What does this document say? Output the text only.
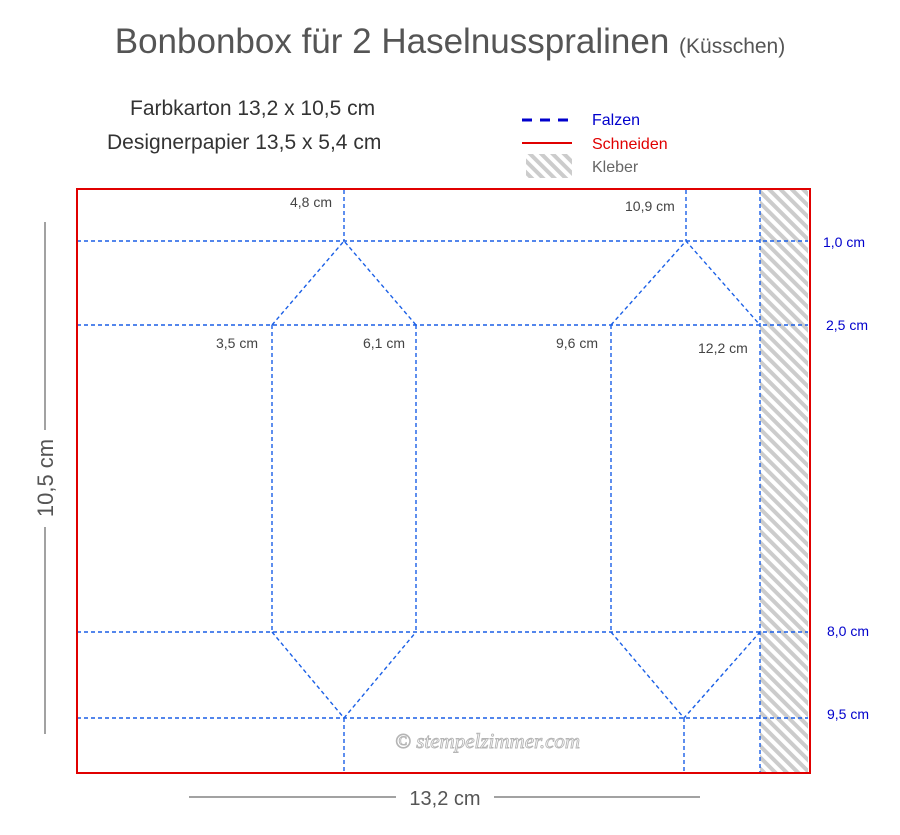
Bonbonbox für 2 Haselnusspralinen (Küsschen)
Farbkarton 13,2 x 10,5 cm
Designerpapier 13,5 x 5,4 cm
Falzen
Schneiden
Kleber
4,8 cm	10,9 cm
3,5 cm	6,1 cm	9,6 cm	12,2 cm
1,0 cm
2,5 cm
8,0 cm
9,5 cm
10,5 cm
13,2 cm
© stempelzimmer.com
